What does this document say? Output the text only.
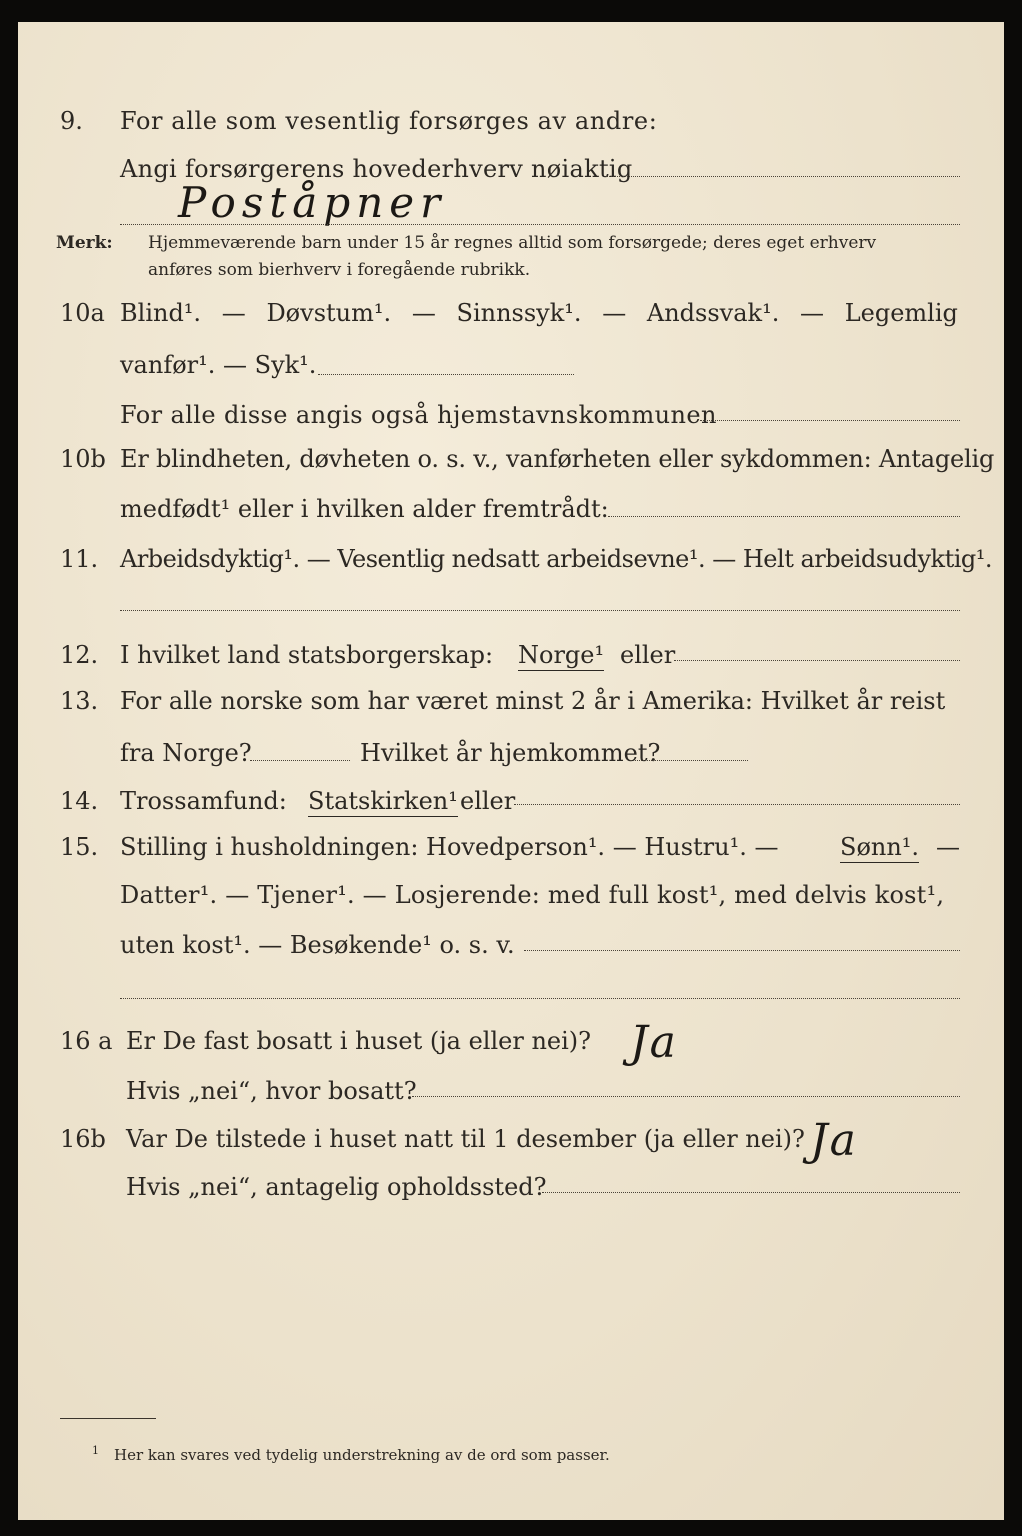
9. For alle som vesentlig forsørges av andre:
Angi forsørgerens hovederhverv nøiaktig
Poståpner
Merk: Hjemmeværende barn under 15 år regnes alltid som forsørgede; deres eget erhverv
anføres som bierhverv i foregående rubrikk.
10a Blind¹. — Døvstum¹. — Sinnssyk¹. — Andssvak¹. — Legemlig
vanfør¹. — Syk¹.
For alle disse angis også hjemstavnskommunen
10b Er blindheten, døvheten o. s. v., vanførheten eller sykdommen: Antagelig
medfødt¹ eller i hvilken alder fremtrådt:
11. Arbeidsdyktig¹. — Vesentlig nedsatt arbeidsevne¹. — Helt arbeidsudyktig¹.
12. I hvilket land statsborgerskap: Norge¹ eller
13. For alle norske som har været minst 2 år i Amerika: Hvilket år reist
fra Norge?	Hvilket år hjemkommet?
14. Trossamfund: Statskirken¹ eller
15. Stilling i husholdningen: Hovedperson¹. — Hustru¹. —	Sønn¹. —
Datter¹. — Tjener¹. — Losjerende: med full kost¹, med delvis kost¹,
uten kost¹. — Besøkende¹ o. s. v.
16 a Er De fast bosatt i huset (ja eller nei)? Ja
Hvis „nei“, hvor bosatt?
16b Var De tilstede i huset natt til 1 desember (ja eller nei)? Ja
Hvis „nei“, antagelig opholdssted?
1 Her kan svares ved tydelig understrekning av de ord som passer.
